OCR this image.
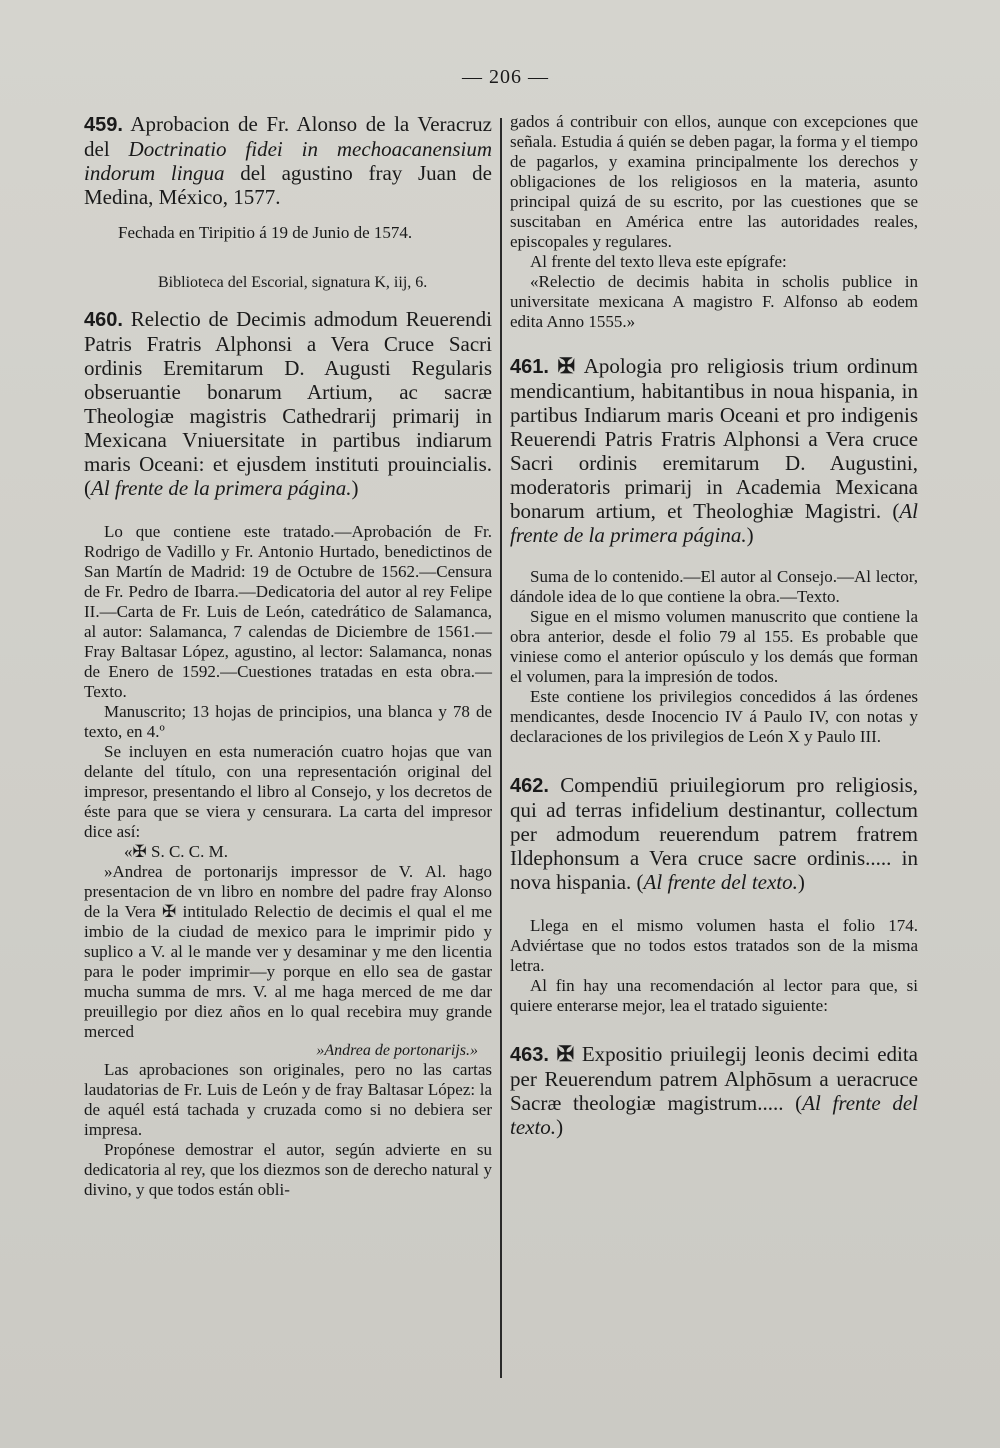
— 206 —

459. Aprobacion de Fr. Alonso de la Veracruz del Doctrinatio fidei in mechoacanensium indorum lingua del agustino fray Juan de Medina, México, 1577.

Fechada en Tiripitio á 19 de Junio de 1574.

Biblioteca del Escorial, signatura K, iij, 6.

460. Relectio de Decimis admodum Reuerendi Patris Fratris Alphonsi a Vera Cruce Sacri ordinis Eremitarum D. Augusti Regularis obseruantie bonarum Artium, ac sacræ Theologiæ magistris Cathedrarij primarij in Mexicana Vniuersitate in partibus indiarum maris Oceani: et ejusdem instituti prouincialis. (Al frente de la primera página.)

Lo que contiene este tratado.—Aprobación de Fr. Rodrigo de Vadillo y Fr. Antonio Hurtado, benedictinos de San Martín de Madrid: 19 de Octubre de 1562.—Censura de Fr. Pedro de Ibarra.—Dedicatoria del autor al rey Felipe II.—Carta de Fr. Luis de León, catedrático de Salamanca, al autor: Salamanca, 7 calendas de Diciembre de 1561.—Fray Baltasar López, agustino, al lector: Salamanca, nonas de Enero de 1592.—Cuestiones tratadas en esta obra.—Texto.

Manuscrito; 13 hojas de principios, una blanca y 78 de texto, en 4.º

Se incluyen en esta numeración cuatro hojas que van delante del título, con una representación original del impresor, presentando el libro al Consejo, y los decretos de éste para que se viera y censurara. La carta del impresor dice así:

«✠ S. C. C. M.

»Andrea de portonarijs impressor de V. Al. hago presentacion de vn libro en nombre del padre fray Alonso de la Vera ✠ intitulado Relectio de decimis el qual el me imbio de la ciudad de mexico para le imprimir pido y suplico a V. al le mande ver y desaminar y me den licentia para le poder imprimir—y porque en ello sea de gastar mucha summa de mrs. V. al me haga merced de me dar preuillegio por diez años en lo qual recebira muy grande merced

»Andrea de portonarijs.»

Las aprobaciones son originales, pero no las cartas laudatorias de Fr. Luis de León y de fray Baltasar López: la de aquél está tachada y cruzada como si no debiera ser impresa.

Propónese demostrar el autor, según advierte en su dedicatoria al rey, que los diezmos son de derecho natural y divino, y que todos están obli-

gados á contribuir con ellos, aunque con excepciones que señala. Estudia á quién se deben pagar, la forma y el tiempo de pagarlos, y examina principalmente los derechos y obligaciones de los religiosos en la materia, asunto principal quizá de su escrito, por las cuestiones que se suscitaban en América entre las autoridades reales, episcopales y regulares.

Al frente del texto lleva este epígrafe:

«Relectio de decimis habita in scholis publice in universitate mexicana A magistro F. Alfonso ab eodem edita Anno 1555.»

461. ✠ Apologia pro religiosis trium ordinum mendicantium, habitantibus in noua hispania, in partibus Indiarum maris Oceani et pro indigenis Reuerendi Patris Fratris Alphonsi a Vera cruce Sacri ordinis eremitarum D. Augustini, moderatoris primarij in Academia Mexicana bonarum artium, et Theologhiæ Magistri. (Al frente de la primera página.)

Suma de lo contenido.—El autor al Consejo.—Al lector, dándole idea de lo que contiene la obra.—Texto.

Sigue en el mismo volumen manuscrito que contiene la obra anterior, desde el folio 79 al 155. Es probable que viniese como el anterior opúsculo y los demás que forman el volumen, para la impresión de todos.

Este contiene los privilegios concedidos á las órdenes mendicantes, desde Inocencio IV á Paulo IV, con notas y declaraciones de los privilegios de León X y Paulo III.

462. Compendiū priuilegiorum pro religiosis, qui ad terras infidelium destinantur, collectum per admodum reuerendum patrem fratrem Ildephonsum a Vera cruce sacre ordinis..... in nova hispania. (Al frente del texto.)

Llega en el mismo volumen hasta el folio 174. Adviértase que no todos estos tratados son de la misma letra.

Al fin hay una recomendación al lector para que, si quiere enterarse mejor, lea el tratado siguiente:

463. ✠ Expositio priuilegij leonis decimi edita per Reuerendum patrem Alphōsum a ueracruce Sacræ theologiæ magistrum..... (Al frente del texto.)
